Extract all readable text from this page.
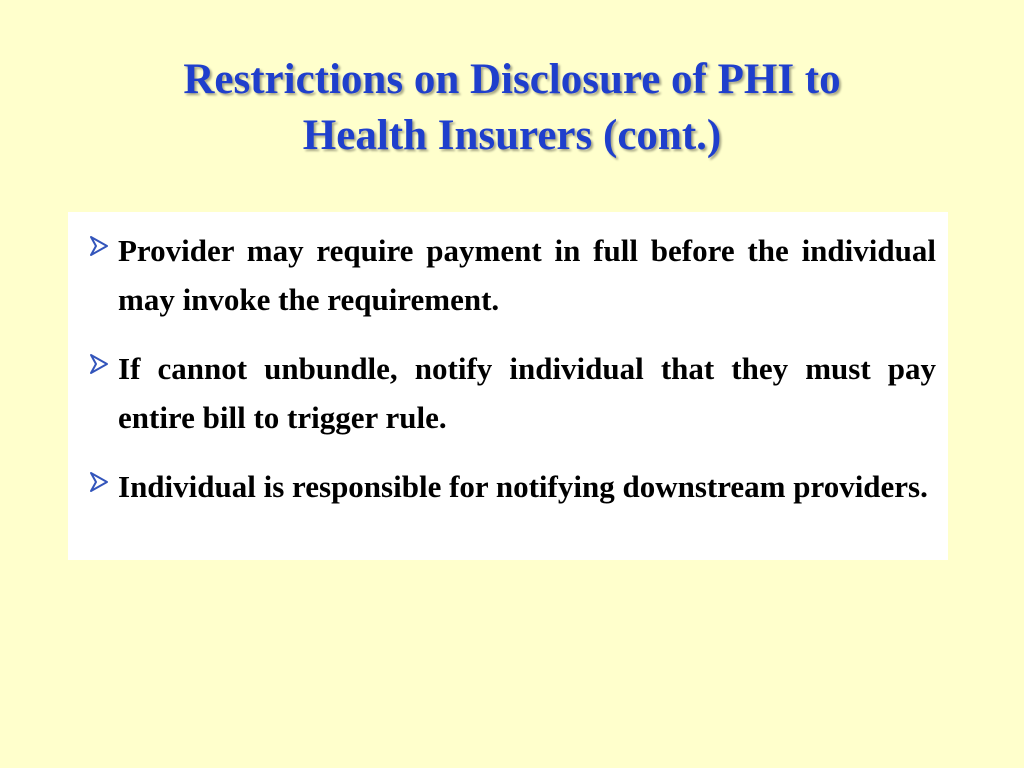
Restrictions on Disclosure of PHI to
Health Insurers (cont.)
Provider may require payment in full before the individual may invoke the requirement.
If cannot unbundle, notify individual that they must pay entire bill to trigger rule.
Individual is responsible for notifying downstream providers.
